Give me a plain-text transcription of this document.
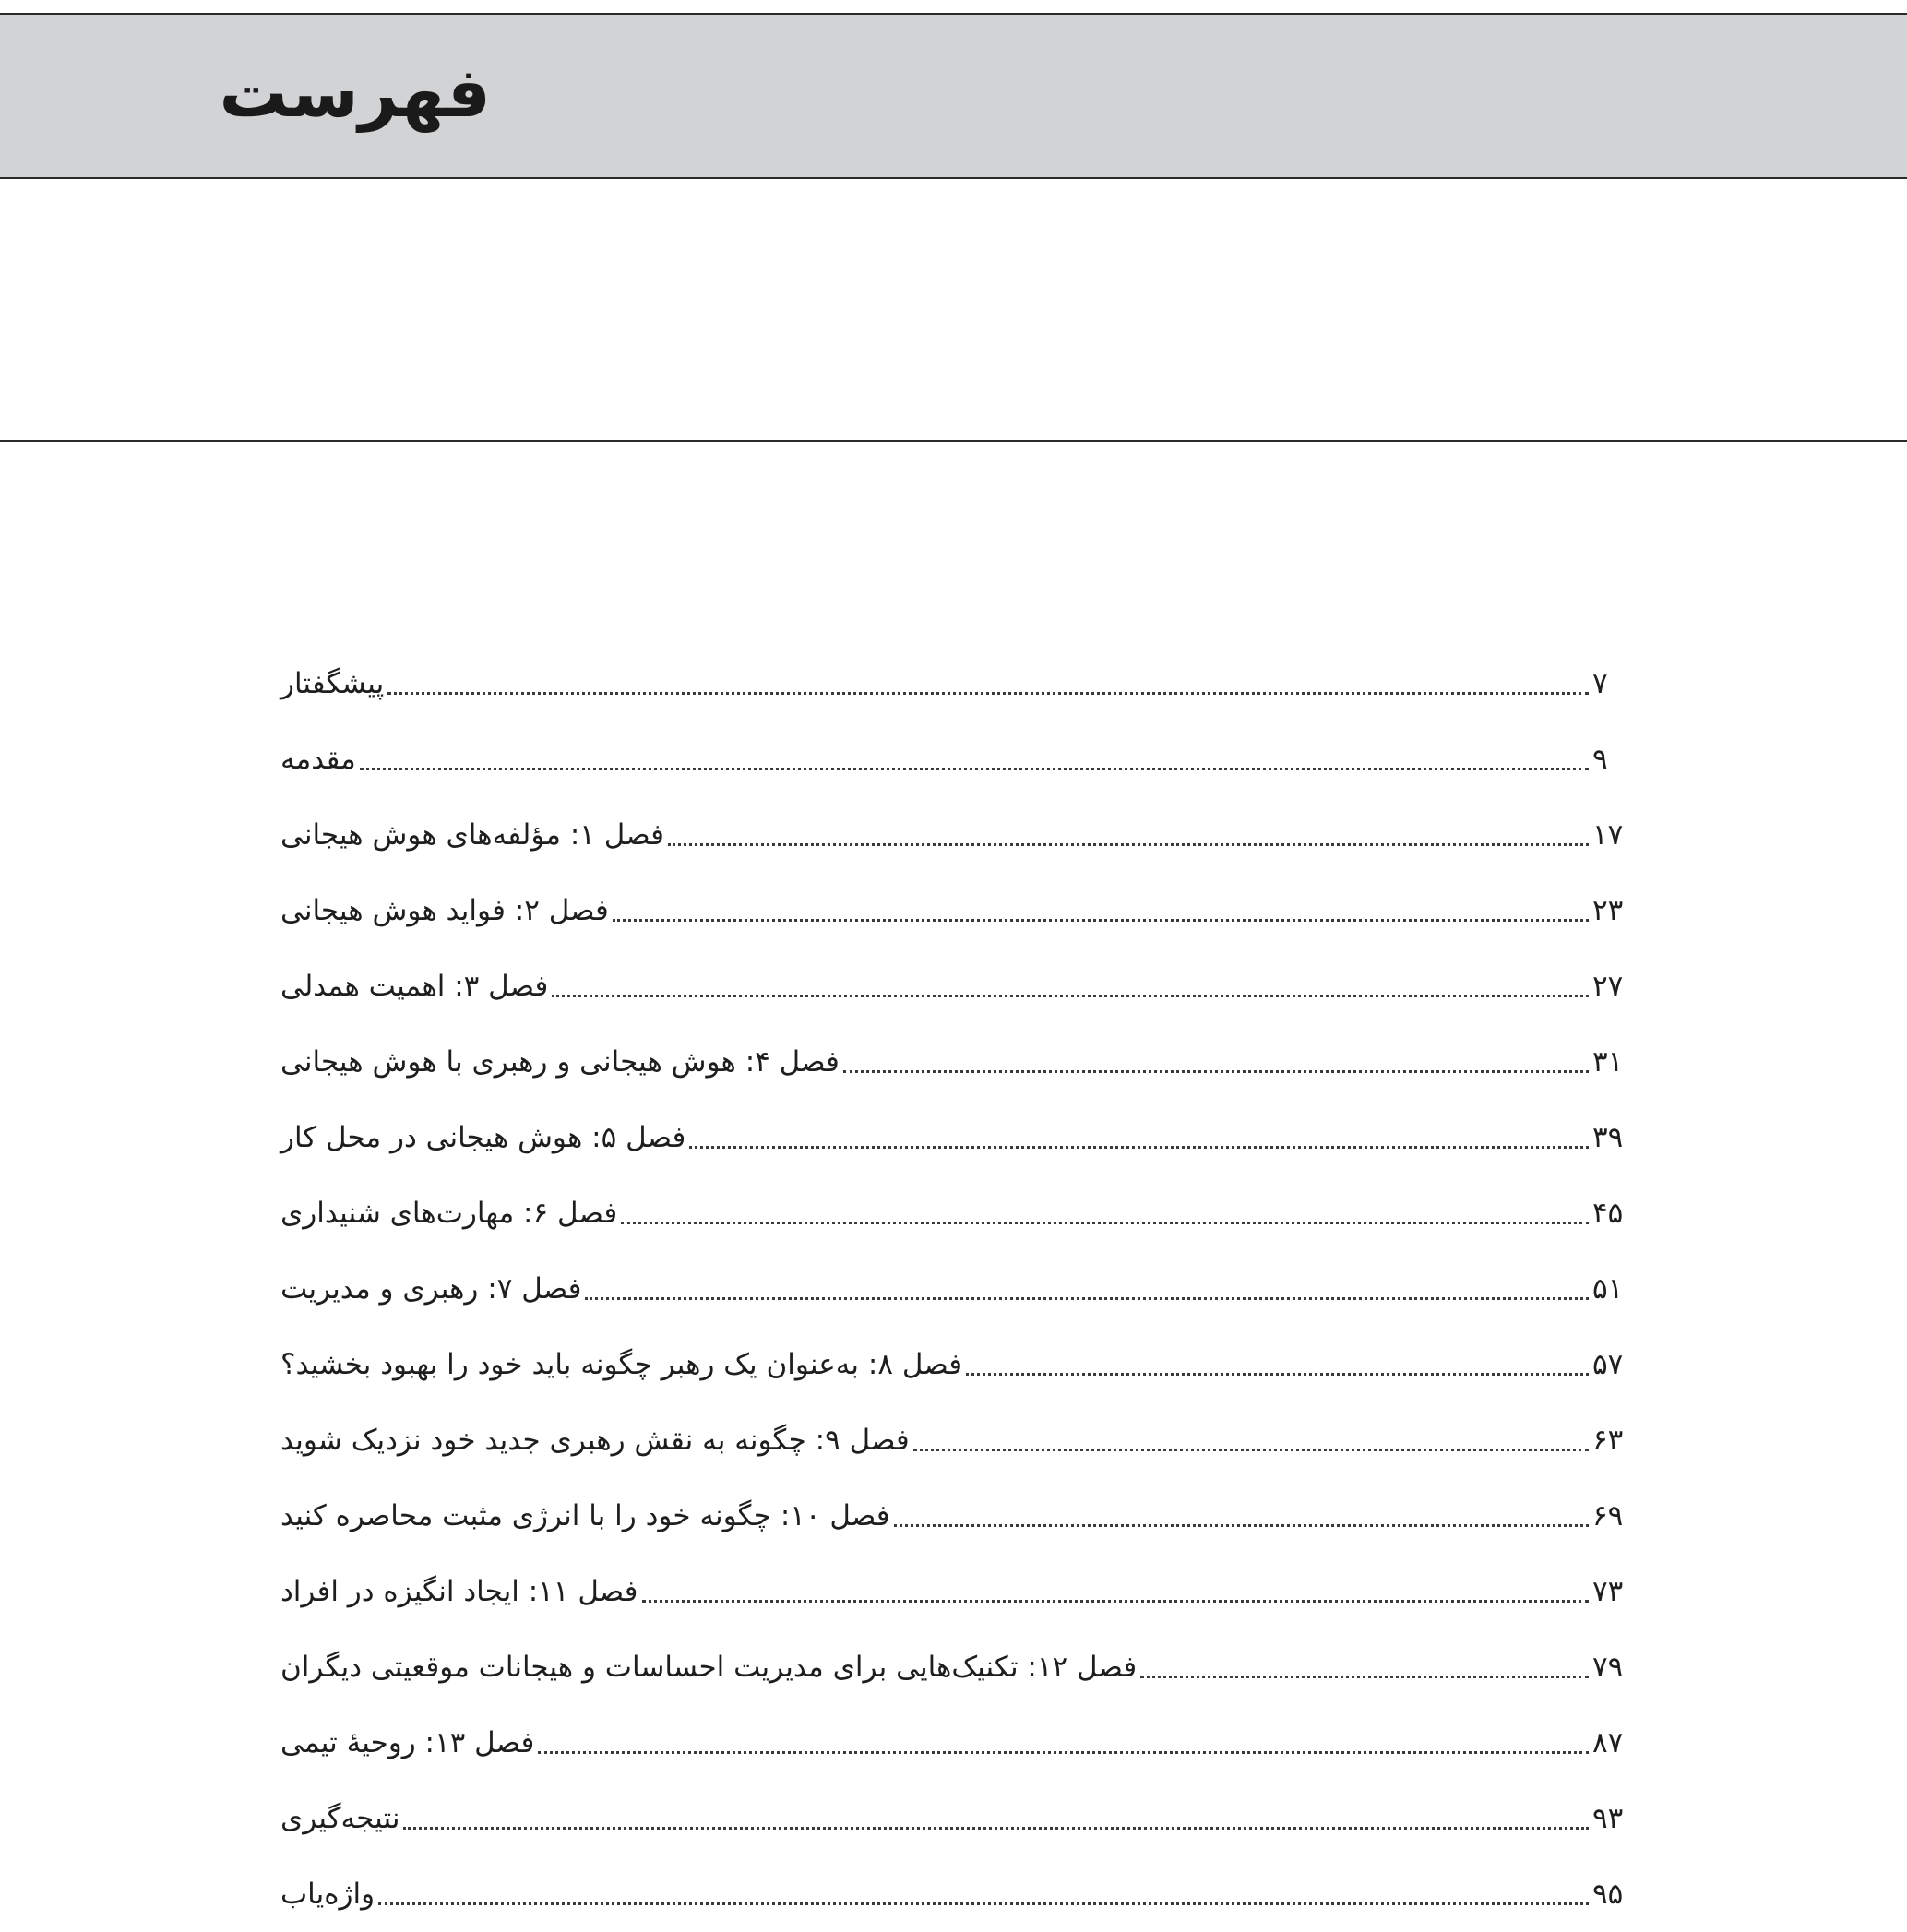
فهرست
پیشگفتار	۷
مقدمه	۹
فصل ۱: مؤلفه‌های هوش هیجانی	۱۷
فصل ۲: فواید هوش هیجانی	۲۳
فصل ۳: اهمیت همدلی	۲۷
فصل ۴: هوش هیجانی و رهبری با هوش هیجانی	۳۱
فصل ۵: هوش هیجانی در محل کار	۳۹
فصل ۶: مهارت‌های شنیداری	۴۵
فصل ۷: رهبری و مدیریت	۵۱
فصل ۸: به‌عنوان یک رهبر چگونه باید خود را بهبود بخشید؟	۵۷
فصل ۹: چگونه به نقش رهبری جدید خود نزدیک شوید	۶۳
فصل ۱۰: چگونه خود را با انرژی مثبت محاصره کنید	۶۹
فصل ۱۱: ایجاد انگیزه در افراد	۷۳
فصل ۱۲: تکنیک‌هایی برای مدیریت احساسات و هیجانات موقعیتی دیگران	۷۹
فصل ۱۳: روحیهٔ تیمی	۸۷
نتیجه‌گیری	۹۳
واژه‌یاب	۹۵
